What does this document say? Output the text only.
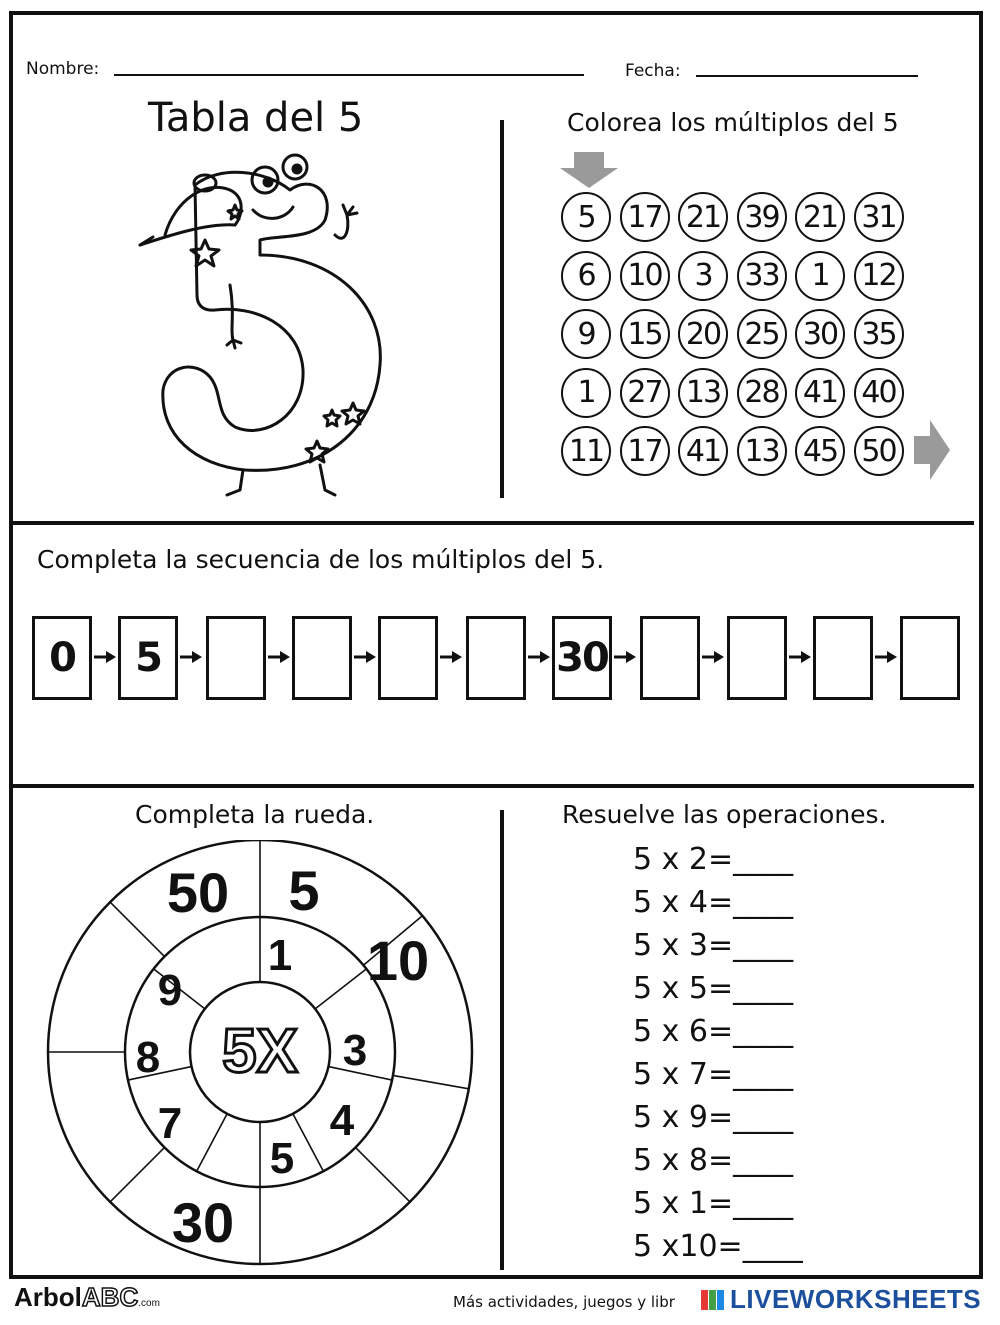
Nombre:	Fecha:
Tabla del 5	Colorea los múltiplos del 5
5	17 21 39 21 31
6	10	3	33	1	12
9	15 20 25 30 35
1	27 13 28 41 40
11 17 41 13 45 50
Completa la secuencia de los múltiplos del 5.
0	5	30
Completa la rueda.
5X
1
3
4
5
7
8
9
5
10
30
50
Resuelve las operaciones.
5 x 2=____
5 x 4=____
5 x 3=____
5 x 5=____
5 x 6=____
5 x 7=____
5 x 9=____
5 x 8=____
5 x 1=____
5 x10=____
ArbolABC.com	Más actividades, juegos y libr LIVEWORKSHEETS
